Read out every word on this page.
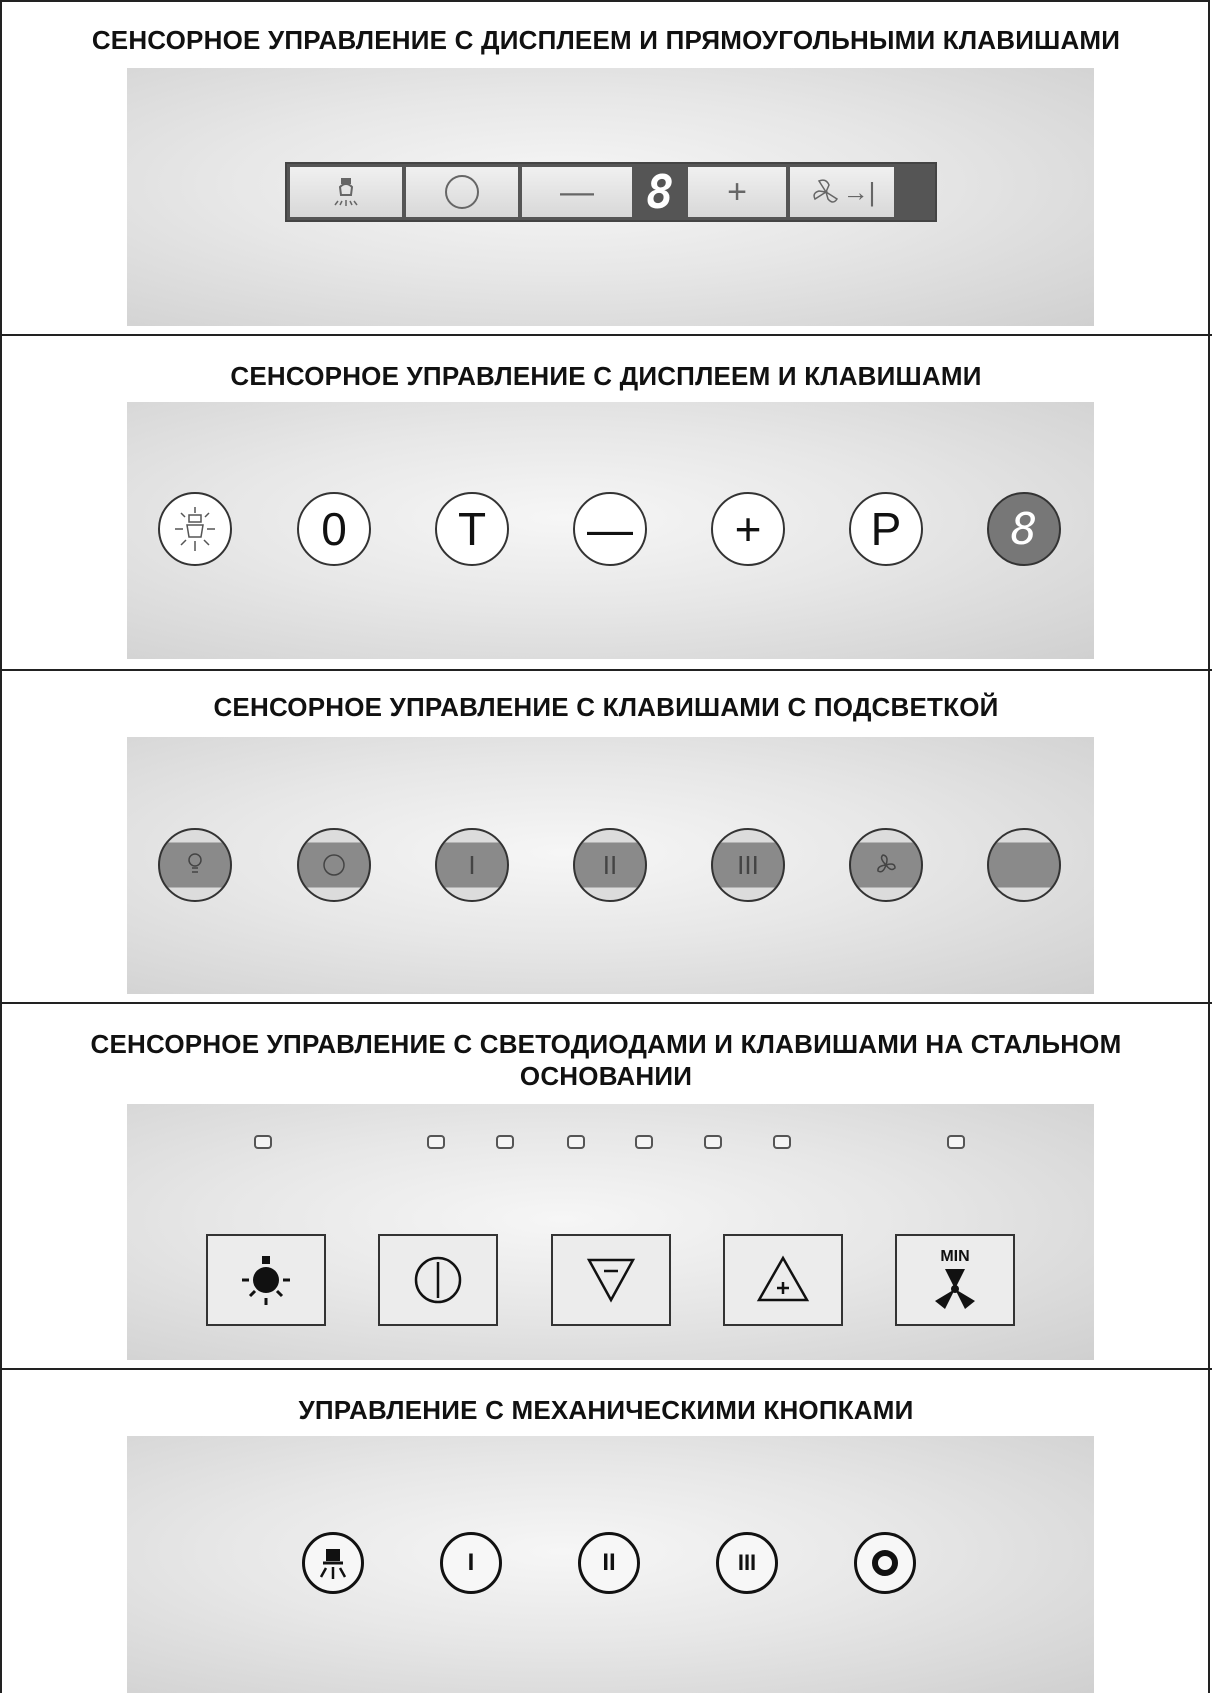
СЕНСОРНОЕ УПРАВЛЕНИЕ С ДИСПЛЕЕМ И ПРЯМОУГОЛЬНЫМИ КЛАВИШАМИ
—	8	+	→|
СЕНСОРНОЕ УПРАВЛЕНИЕ С ДИСПЛЕЕМ И КЛАВИШАМИ
0	T	—	+	P	8
СЕНСОРНОЕ УПРАВЛЕНИЕ С КЛАВИШАМИ С ПОДСВЕТКОЙ
I	II	III
СЕНСОРНОЕ УПРАВЛЕНИЕ С СВЕТОДИОДАМИ И КЛАВИШАМИ НА СТАЛЬНОМ ОСНОВАНИИ
MIN
УПРАВЛЕНИЕ С МЕХАНИЧЕСКИМИ КНОПКАМИ
I	II	III
